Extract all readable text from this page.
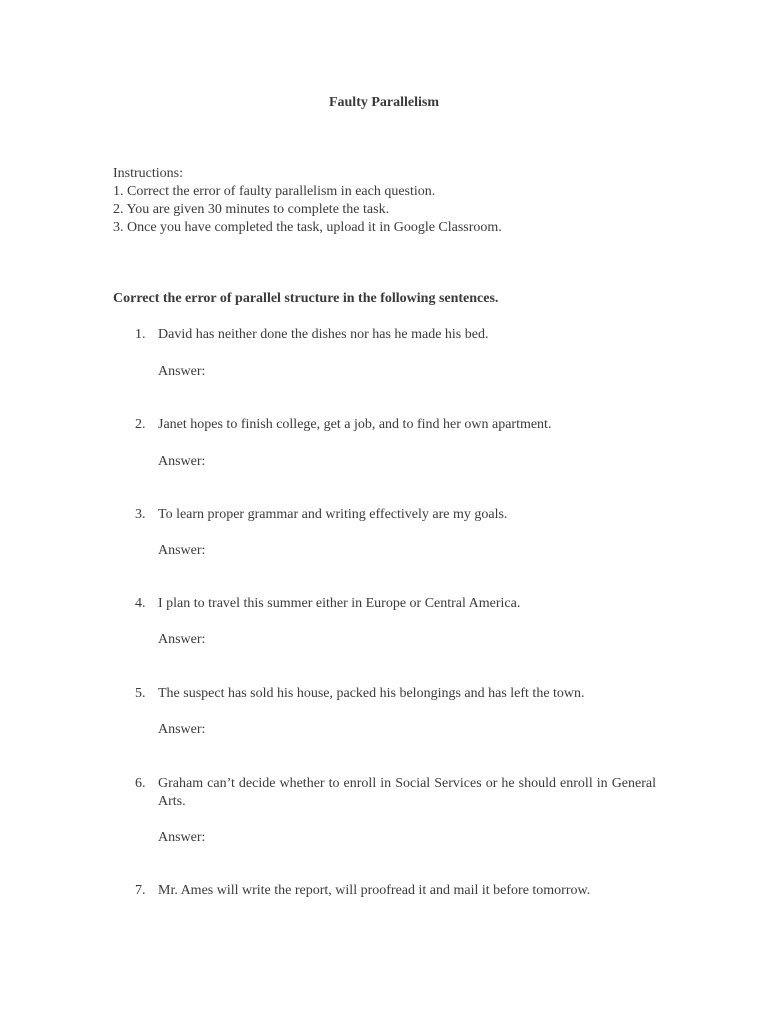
Faulty Parallelism
Instructions:
1. Correct the error of faulty parallelism in each question.
2. You are given 30 minutes to complete the task.
3. Once you have completed the task, upload it in Google Classroom.
Correct the error of parallel structure in the following sentences.
1. David has neither done the dishes nor has he made his bed.
Answer:
2. Janet hopes to finish college, get a job, and to find her own apartment.
Answer:
3. To learn proper grammar and writing effectively are my goals.
Answer:
4. I plan to travel this summer either in Europe or Central America.
Answer:
5. The suspect has sold his house, packed his belongings and has left the town.
Answer:
6. Graham can’t decide whether to enroll in Social Services or he should enroll in General Arts.
Answer:
7. Mr. Ames will write the report, will proofread it and mail it before tomorrow.
